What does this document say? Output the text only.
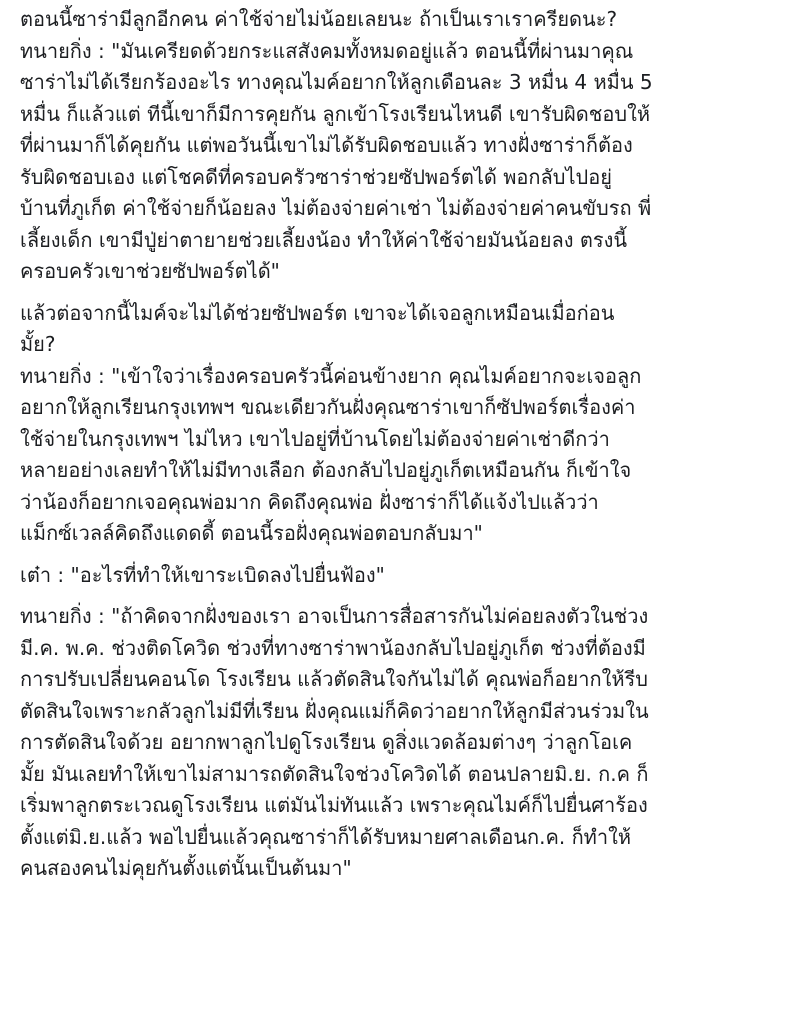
ตอนนี้ซาร่ามีลูกอีกคน ค่าใช้จ่ายไม่น้อยเลยนะ ถ้าเป็นเราเราครียดนะ?
ทนายกิ่ง : "มันเครียดด้วยกระแสสังคมทั้งหมดอยู่แล้ว ตอนนี้ที่ผ่านมาคุณ
ซาร่าไม่ได้เรียกร้องอะไร ทางคุณไมค์อยากให้ลูกเดือนละ 3 หมื่น 4 หมื่น 5
หมื่น ก็แล้วแต่ ทีนี้เขาก็มีการคุยกัน ลูกเข้าโรงเรียนไหนดี เขารับผิดชอบให้
ที่ผ่านมาก็ได้คุยกัน แต่พอวันนี้เขาไม่ได้รับผิดชอบแล้ว ทางฝั่งซาร่าก็ต้อง
รับผิดชอบเอง แต่โชคดีที่ครอบครัวซาร่าช่วยซัปพอร์ตได้ พอกลับไปอยู่
บ้านที่ภูเก็ต ค่าใช้จ่ายก็น้อยลง ไม่ต้องจ่ายค่าเช่า ไม่ต้องจ่ายค่าคนขับรถ พี่
เลี้ยงเด็ก เขามีปู่ย่าตายายช่วยเลี้ยงน้อง ทำให้ค่าใช้จ่ายมันน้อยลง ตรงนี้
ครอบครัวเขาช่วยซัปพอร์ตได้"

แล้วต่อจากนี้ไมค์จะไม่ได้ช่วยซัปพอร์ต เขาจะได้เจอลูกเหมือนเมื่อก่อน
มั้ย?
ทนายกิ่ง : "เข้าใจว่าเรื่องครอบครัวนี้ค่อนข้างยาก คุณไมค์อยากจะเจอลูก
อยากให้ลูกเรียนกรุงเทพฯ ขณะเดียวกันฝั่งคุณซาร่าเขาก็ซัปพอร์ตเรื่องค่า
ใช้จ่ายในกรุงเทพฯ ไม่ไหว เขาไปอยู่ที่บ้านโดยไม่ต้องจ่ายค่าเช่าดีกว่า
หลายอย่างเลยทำให้ไม่มีทางเลือก ต้องกลับไปอยู่ภูเก็ตเหมือนกัน ก็เข้าใจ
ว่าน้องก็อยากเจอคุณพ่อมาก คิดถึงคุณพ่อ ฝั่งซาร่าก็ได้แจ้งไปแล้วว่า
แม็กซ์เวลล์คิดถึงแดดดี้ ตอนนี้รอฝั่งคุณพ่อตอบกลับมา"

เต๋า : "อะไรที่ทำให้เขาระเบิดลงไปยื่นฟ้อง"

ทนายกิ่ง : "ถ้าคิดจากฝั่งของเรา อาจเป็นการสื่อสารกันไม่ค่อยลงตัวในช่วง
มี.ค. พ.ค. ช่วงติดโควิด ช่วงที่ทางซาร่าพาน้องกลับไปอยู่ภูเก็ต ช่วงที่ต้องมี
การปรับเปลี่ยนคอนโด โรงเรียน แล้วตัดสินใจกันไม่ได้ คุณพ่อก็อยากให้รีบ
ตัดสินใจเพราะกลัวลูกไม่มีที่เรียน ฝั่งคุณแม่ก็คิดว่าอยากให้ลูกมีส่วนร่วมใน
การตัดสินใจด้วย อยากพาลูกไปดูโรงเรียน ดูสิ่งแวดล้อมต่างๆ ว่าลูกโอเค
มั้ย มันเลยทำให้เขาไม่สามารถตัดสินใจช่วงโควิดได้ ตอนปลายมิ.ย. ก.ค ก็
เริ่มพาลูกตระเวณดูโรงเรียน แต่มันไม่ทันแล้ว เพราะคุณไมค์ก็ไปยื่นศาร้อง
ตั้งแต่มิ.ย.แล้ว พอไปยื่นแล้วคุณซาร่าก็ได้รับหมายศาลเดือนก.ค. ก็ทำให้
คนสองคนไม่คุยกันตั้งแต่นั้นเป็นต้นมา"
